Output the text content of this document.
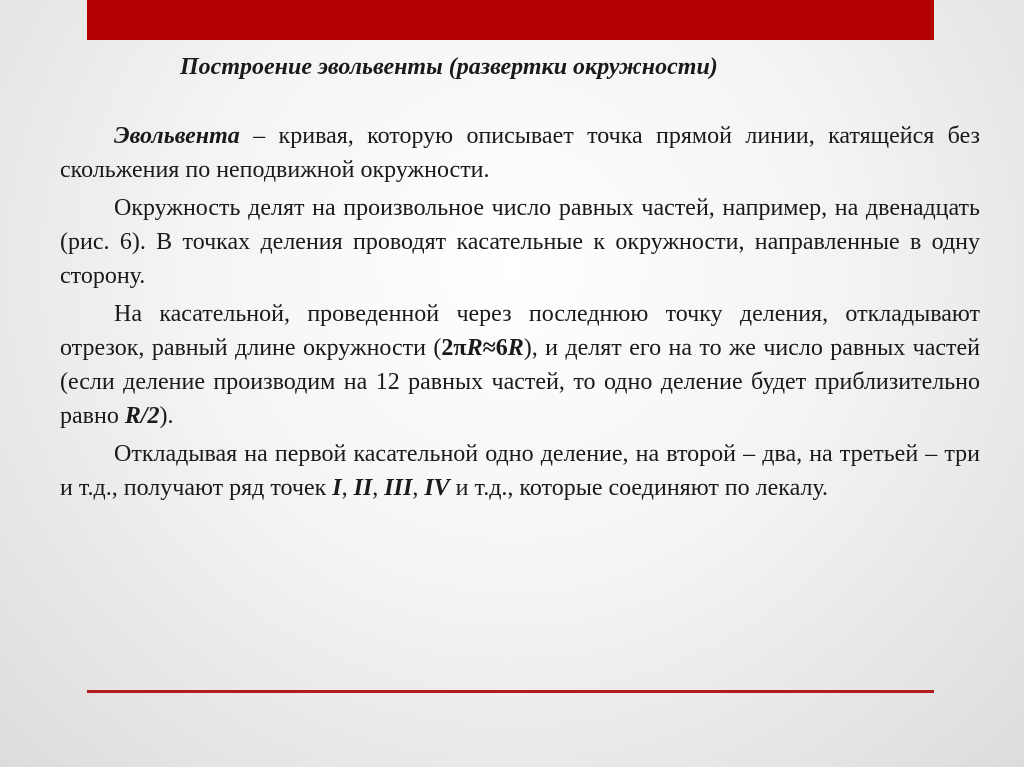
Построение эвольвенты (развертки окружности)

Эвольвента – кривая, которую описывает точка прямой линии, катящейся без скольжения по неподвижной окружности.

Окружность делят на произвольное число равных частей, например, на двенадцать (рис. 6). В точках деления проводят касательные к окружности, направленные в одну сторону.

На касательной, проведенной через последнюю точку деления, откладывают отрезок, равный длине окружности (2πR≈6R), и делят его на то же число равных частей (если деление производим на 12 равных частей, то одно деление будет приблизительно равно R/2).

Откладывая на первой касательной одно деление, на второй – два, на третьей – три и т.д., получают ряд точек I, II, III, IV и т.д., которые соединяют по лекалу.
